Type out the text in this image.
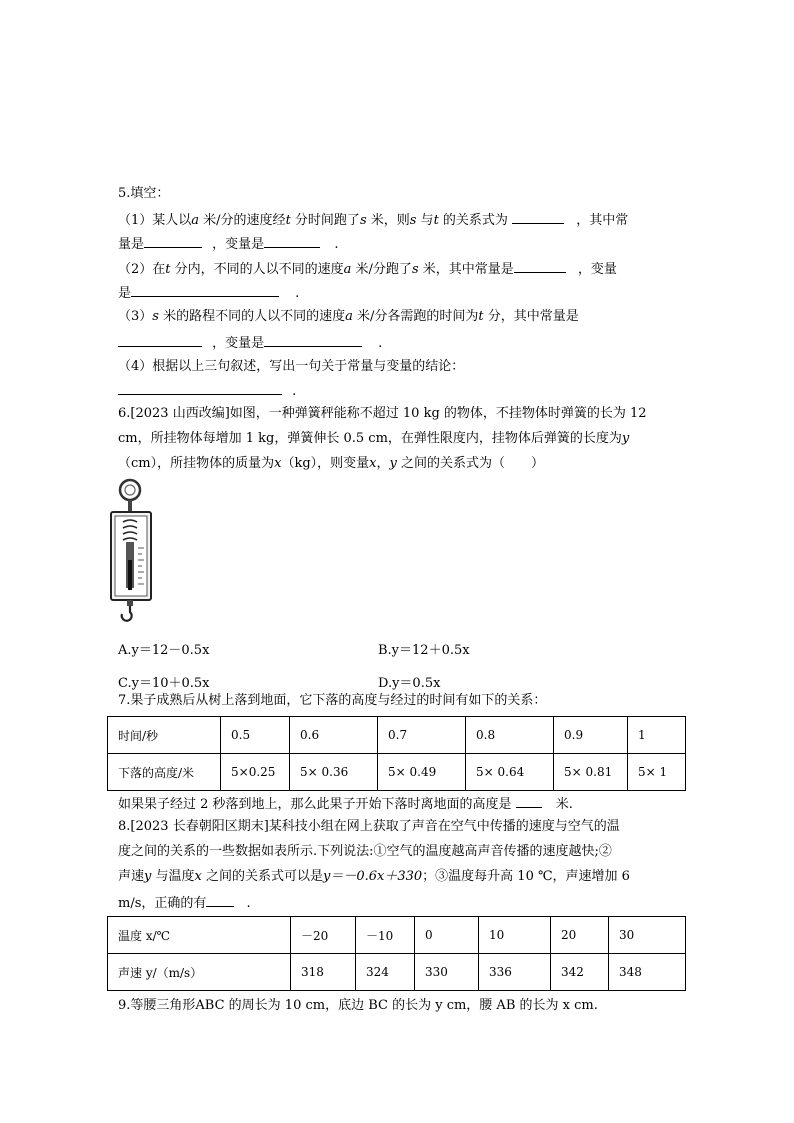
5.填空：
（1）某人以a 米/分的速度经t 分时间跑了s 米，则s 与t 的关系式为	，其中常
量是	，变量是	.
（2）在t 分内，不同的人以不同的速度a 米/分跑了s 米，其中常量是	，变量
是	.
（3）s 米的路程不同的人以不同的速度a 米/分各需跑的时间为t 分，其中常量是
，变量是	.
（4）根据以上三句叙述，写出一句关于常量与变量的结论：
.
6.[2023 山西改编]如图，一种弹簧秤能称不超过 10 kg 的物体，不挂物体时弹簧的长为 12
cm，所挂物体每增加 1 kg，弹簧伸长 0.5 cm，在弹性限度内，挂物体后弹簧的长度为y
（cm），所挂物体的质量为x（kg），则变量x，y 之间的关系式为（　　）
A.y＝12－0.5x	B.y＝12＋0.5x
C.y＝10＋0.5x	D.y＝0.5x
7.果子成熟后从树上落到地面，它下落的高度与经过的时间有如下的关系：
时间/秒	0.5	0.6	0.7	0.8	0.9	1
下落的高度/米	5×0.25	5× 0.36	5× 0.49	5× 0.64	5× 0.81	5× 1
如果果子经过 2 秒落到地上，那么此果子开始下落时离地面的高度是	米.
8.[2023 长春朝阳区期末]某科技小组在网上获取了声音在空气中传播的速度与空气的温
度之间的关系的一些数据如表所示.下列说法:①空气的温度越高声音传播的速度越快;②
声速y 与温度x 之间的关系式可以是y＝－0.6x＋330；③温度每升高 10 ℃，声速增加 6
m/s，正确的有	.
温度 x/℃	－20	－10	0	10	20	30
声速 y/（m/s）	318	324	330	336	342	348
9.等腰三角形ABC 的周长为 10 cm，底边 BC 的长为 y cm，腰 AB 的长为 x cm.
